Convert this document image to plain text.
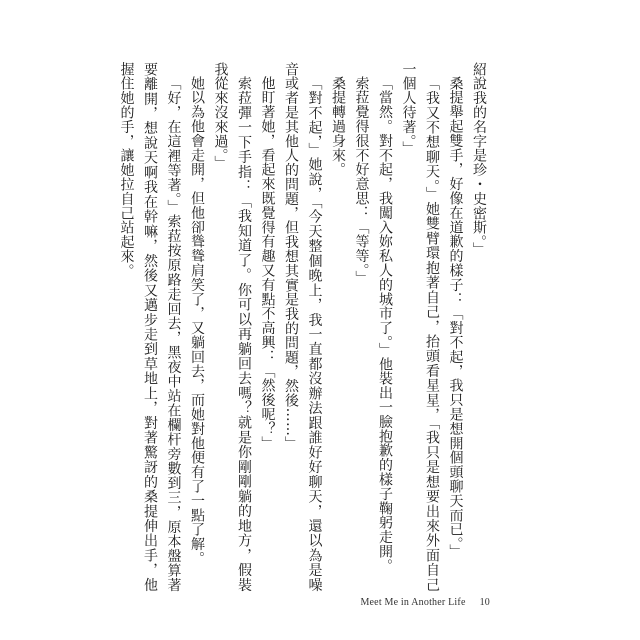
紹說我的名字是珍・史密斯。」

桑提舉起雙手，好像在道歉的樣子：「對不起，我只是想開個頭聊天而已。」

「我又不想聊天。」她雙臂環抱著自己，抬頭看星星，「我只是想要出來外面自己一個人待著。」

「當然。對不起，我闖入妳私人的城市了。」他裝出一臉抱歉的樣子鞠躬走開。

索菈覺得很不好意思：「等等。」

桑提轉過身來。

「對不起，」她說，「今天整個晚上，我一直都沒辦法跟誰好好聊天，還以為是噪音或者是其他人的問題，但我想其實是我的問題，然後……」

他盯著她，看起來既覺得有趣又有點不高興：「然後呢？」

索菈彈一下手指：「我知道了。你可以再躺回去嗎？就是你剛剛躺的地方，假裝我從來沒來過。」

她以為他會走開，但他卻聳聳肩笑了，又躺回去，而她對他便有了一點了解。

「好，在這裡等著。」索菈按原路走回去，黑夜中站在欄杆旁數到三，原本盤算著要離開，想說天啊我在幹嘛，然後又邁步走到草地上，對著驚訝的桑提伸出手，他握住她的手，讓她拉自己站起來。

Meet Me in Another Life 10
